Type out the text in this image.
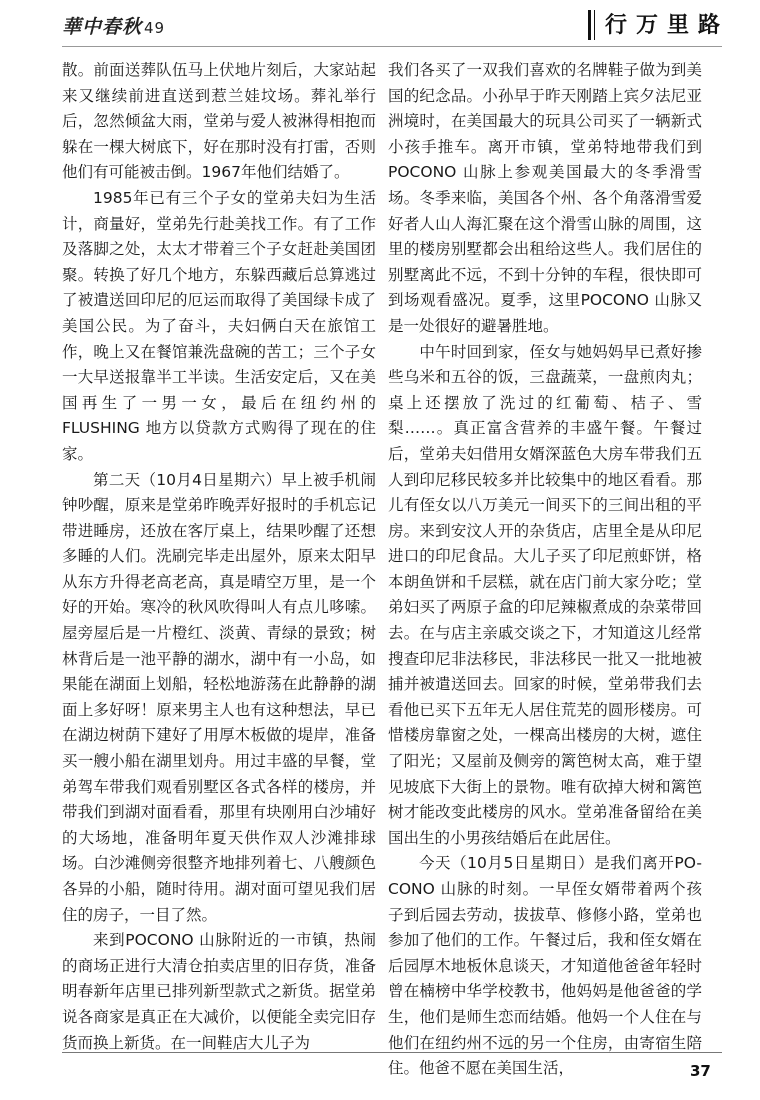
華中春秋 49	行万里路

散。前面送葬队伍马上伏地片刻后，大家站起来又继续前进直送到惹兰娃坟场。葬礼举行后，忽然倾盆大雨，堂弟与爱人被淋得相抱而躲在一棵大树底下，好在那时没有打雷，否则他们有可能被击倒。1967年他们结婚了。

1985年已有三个子女的堂弟夫妇为生活计，商量好，堂弟先行赴美找工作。有了工作及落脚之处，太太才带着三个子女赶赴美国团聚。转换了好几个地方，东躲西藏后总算逃过了被遣送回印尼的厄运而取得了美国绿卡成了美国公民。为了奋斗，夫妇俩白天在旅馆工作，晚上又在餐馆兼洗盘碗的苦工；三个子女一大早送报靠半工半读。生活安定后，又在美国再生了一男一女，最后在纽约州的FLUSHING 地方以贷款方式购得了现在的住家。

第二天（10月4日星期六）早上被手机闹钟吵醒，原来是堂弟昨晚弄好报时的手机忘记带进睡房，还放在客厅桌上，结果吵醒了还想多睡的人们。洗刷完毕走出屋外，原来太阳早从东方升得老高老高，真是晴空万里，是一个好的开始。寒冷的秋风吹得叫人有点儿哆嗦。屋旁屋后是一片橙红、淡黄、青绿的景致；树林背后是一池平静的湖水，湖中有一小岛，如果能在湖面上划船，轻松地游荡在此静静的湖面上多好呀！原来男主人也有这种想法，早已在湖边树荫下建好了用厚木板做的堤岸，准备买一艘小船在湖里划舟。用过丰盛的早餐，堂弟驾车带我们观看别墅区各式各样的楼房，并带我们到湖对面看看，那里有块刚用白沙埔好的大场地，准备明年夏天供作双人沙滩排球场。白沙滩侧旁很整齐地排列着七、八艘颜色各异的小船，随时待用。湖对面可望见我们居住的房子，一目了然。

来到POCONO 山脉附近的一市镇，热闹的商场正进行大清仓拍卖店里的旧存货，准备明春新年店里已排列新型款式之新货。据堂弟说各商家是真正在大减价，以便能全卖完旧存货而换上新货。在一间鞋店大儿子为

我们各买了一双我们喜欢的名牌鞋子做为到美国的纪念品。小孙早于昨天刚踏上宾夕法尼亚洲境时，在美国最大的玩具公司买了一辆新式小孩手推车。离开市镇，堂弟特地带我们到POCONO 山脉上参观美国最大的冬季滑雪场。冬季来临，美国各个州、各个角落滑雪爱好者人山人海汇聚在这个滑雪山脉的周围，这里的楼房别墅都会出租给这些人。我们居住的别墅离此不远，不到十分钟的车程，很快即可到场观看盛况。夏季，这里POCONO 山脉又是一处很好的避暑胜地。

　　中午时回到家，侄女与她妈妈早已煮好掺些乌米和五谷的饭，三盘蔬菜，一盘煎肉丸；桌上还摆放了洗过的红葡萄、桔子、雪梨……。真正富含营养的丰盛午餐。午餐过后，堂弟夫妇借用女婿深蓝色大房车带我们五人到印尼移民较多并比较集中的地区看看。那儿有侄女以八万美元一间买下的三间出租的平房。来到安汶人开的杂货店，店里全是从印尼进口的印尼食品。大儿子买了印尼煎虾饼，格本朗鱼饼和千层糕，就在店门前大家分吃；堂弟妇买了两原子盒的印尼辣椒煮成的杂菜带回去。在与店主亲戚交谈之下，才知道这儿经常搜查印尼非法移民，非法移民一批又一批地被捕并被遣送回去。回家的时候，堂弟带我们去看他已买下五年无人居住荒芜的圆形楼房。可惜楼房靠窗之处，一棵高出楼房的大树，遮住了阳光；又屋前及侧旁的篱笆树太高，难于望见坡底下大街上的景物。唯有砍掉大树和篱笆树才能改变此楼房的风水。堂弟准备留给在美国出生的小男孩结婚后在此居住。

今天（10月5日星期日）是我们离开PO-CONO 山脉的时刻。一早侄女婿带着两个孩子到后园去劳动，拔拔草、修修小路，堂弟也参加了他们的工作。午餐过后，我和侄女婿在后园厚木地板休息谈天，才知道他爸爸年轻时曾在楠榜中华学校教书，他妈妈是他爸爸的学生，他们是师生恋而结婚。他妈一个人住在与他们在纽约州不远的另一个住房，由寄宿生陪住。他爸不愿在美国生活，	37
